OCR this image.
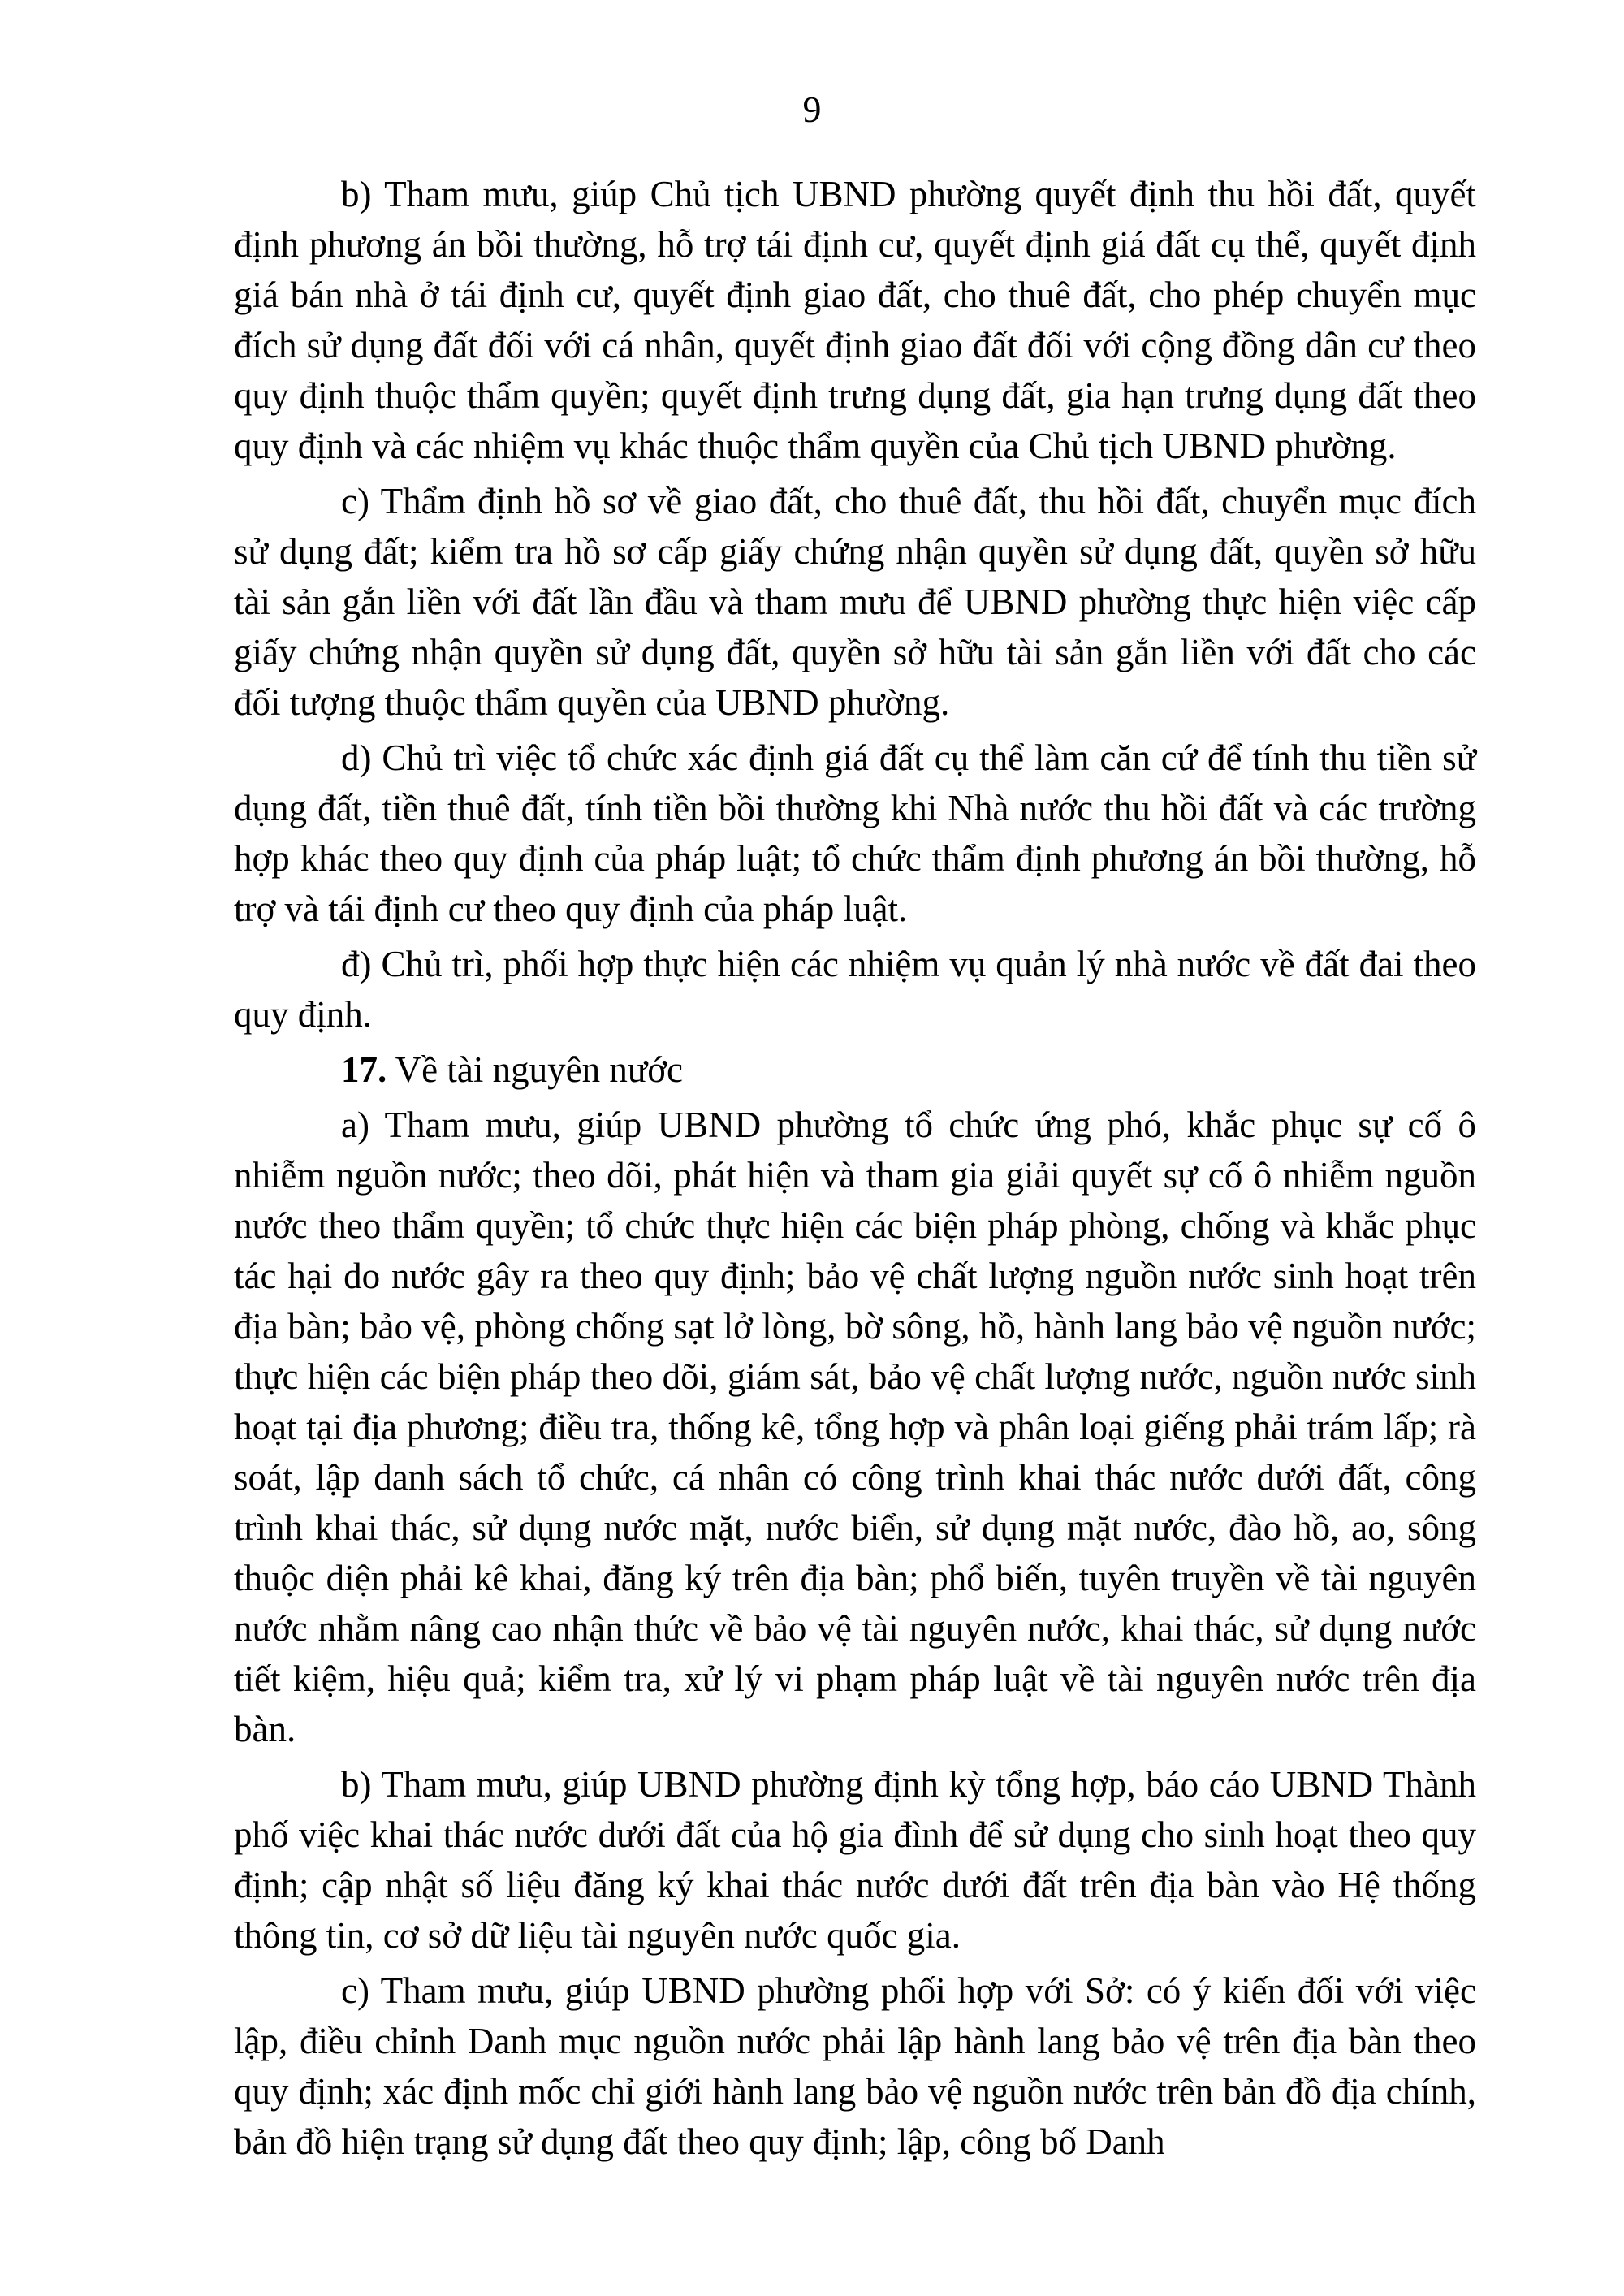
9

b) Tham mưu, giúp Chủ tịch UBND phường quyết định thu hồi đất, quyết định phương án bồi thường, hỗ trợ tái định cư, quyết định giá đất cụ thể, quyết định giá bán nhà ở tái định cư, quyết định giao đất, cho thuê đất, cho phép chuyển mục đích sử dụng đất đối với cá nhân, quyết định giao đất đối với cộng đồng dân cư theo quy định thuộc thẩm quyền; quyết định trưng dụng đất, gia hạn trưng dụng đất theo quy định và các nhiệm vụ khác thuộc thẩm quyền của Chủ tịch UBND phường.

c) Thẩm định hồ sơ về giao đất, cho thuê đất, thu hồi đất, chuyển mục đích sử dụng đất; kiểm tra hồ sơ cấp giấy chứng nhận quyền sử dụng đất, quyền sở hữu tài sản gắn liền với đất lần đầu và tham mưu để UBND phường thực hiện việc cấp giấy chứng nhận quyền sử dụng đất, quyền sở hữu tài sản gắn liền với đất cho các đối tượng thuộc thẩm quyền của UBND phường.

d) Chủ trì việc tổ chức xác định giá đất cụ thể làm căn cứ để tính thu tiền sử dụng đất, tiền thuê đất, tính tiền bồi thường khi Nhà nước thu hồi đất và các trường hợp khác theo quy định của pháp luật; tổ chức thẩm định phương án bồi thường, hỗ trợ và tái định cư theo quy định của pháp luật.

đ) Chủ trì, phối hợp thực hiện các nhiệm vụ quản lý nhà nước về đất đai theo quy định.

17. Về tài nguyên nước

a) Tham mưu, giúp UBND phường tổ chức ứng phó, khắc phục sự cố ô nhiễm nguồn nước; theo dõi, phát hiện và tham gia giải quyết sự cố ô nhiễm nguồn nước theo thẩm quyền; tổ chức thực hiện các biện pháp phòng, chống và khắc phục tác hại do nước gây ra theo quy định; bảo vệ chất lượng nguồn nước sinh hoạt trên địa bàn; bảo vệ, phòng chống sạt lở lòng, bờ sông, hồ, hành lang bảo vệ nguồn nước; thực hiện các biện pháp theo dõi, giám sát, bảo vệ chất lượng nước, nguồn nước sinh hoạt tại địa phương; điều tra, thống kê, tổng hợp và phân loại giếng phải trám lấp; rà soát, lập danh sách tổ chức, cá nhân có công trình khai thác nước dưới đất, công trình khai thác, sử dụng nước mặt, nước biển, sử dụng mặt nước, đào hồ, ao, sông thuộc diện phải kê khai, đăng ký trên địa bàn; phổ biến, tuyên truyền về tài nguyên nước nhằm nâng cao nhận thức về bảo vệ tài nguyên nước, khai thác, sử dụng nước tiết kiệm, hiệu quả; kiểm tra, xử lý vi phạm pháp luật về tài nguyên nước trên địa bàn.

b) Tham mưu, giúp UBND phường định kỳ tổng hợp, báo cáo UBND Thành phố việc khai thác nước dưới đất của hộ gia đình để sử dụng cho sinh hoạt theo quy định; cập nhật số liệu đăng ký khai thác nước dưới đất trên địa bàn vào Hệ thống thông tin, cơ sở dữ liệu tài nguyên nước quốc gia.

c) Tham mưu, giúp UBND phường phối hợp với Sở: có ý kiến đối với việc lập, điều chỉnh Danh mục nguồn nước phải lập hành lang bảo vệ trên địa bàn theo quy định; xác định mốc chỉ giới hành lang bảo vệ nguồn nước trên bản đồ địa chính, bản đồ hiện trạng sử dụng đất theo quy định; lập, công bố Danh
